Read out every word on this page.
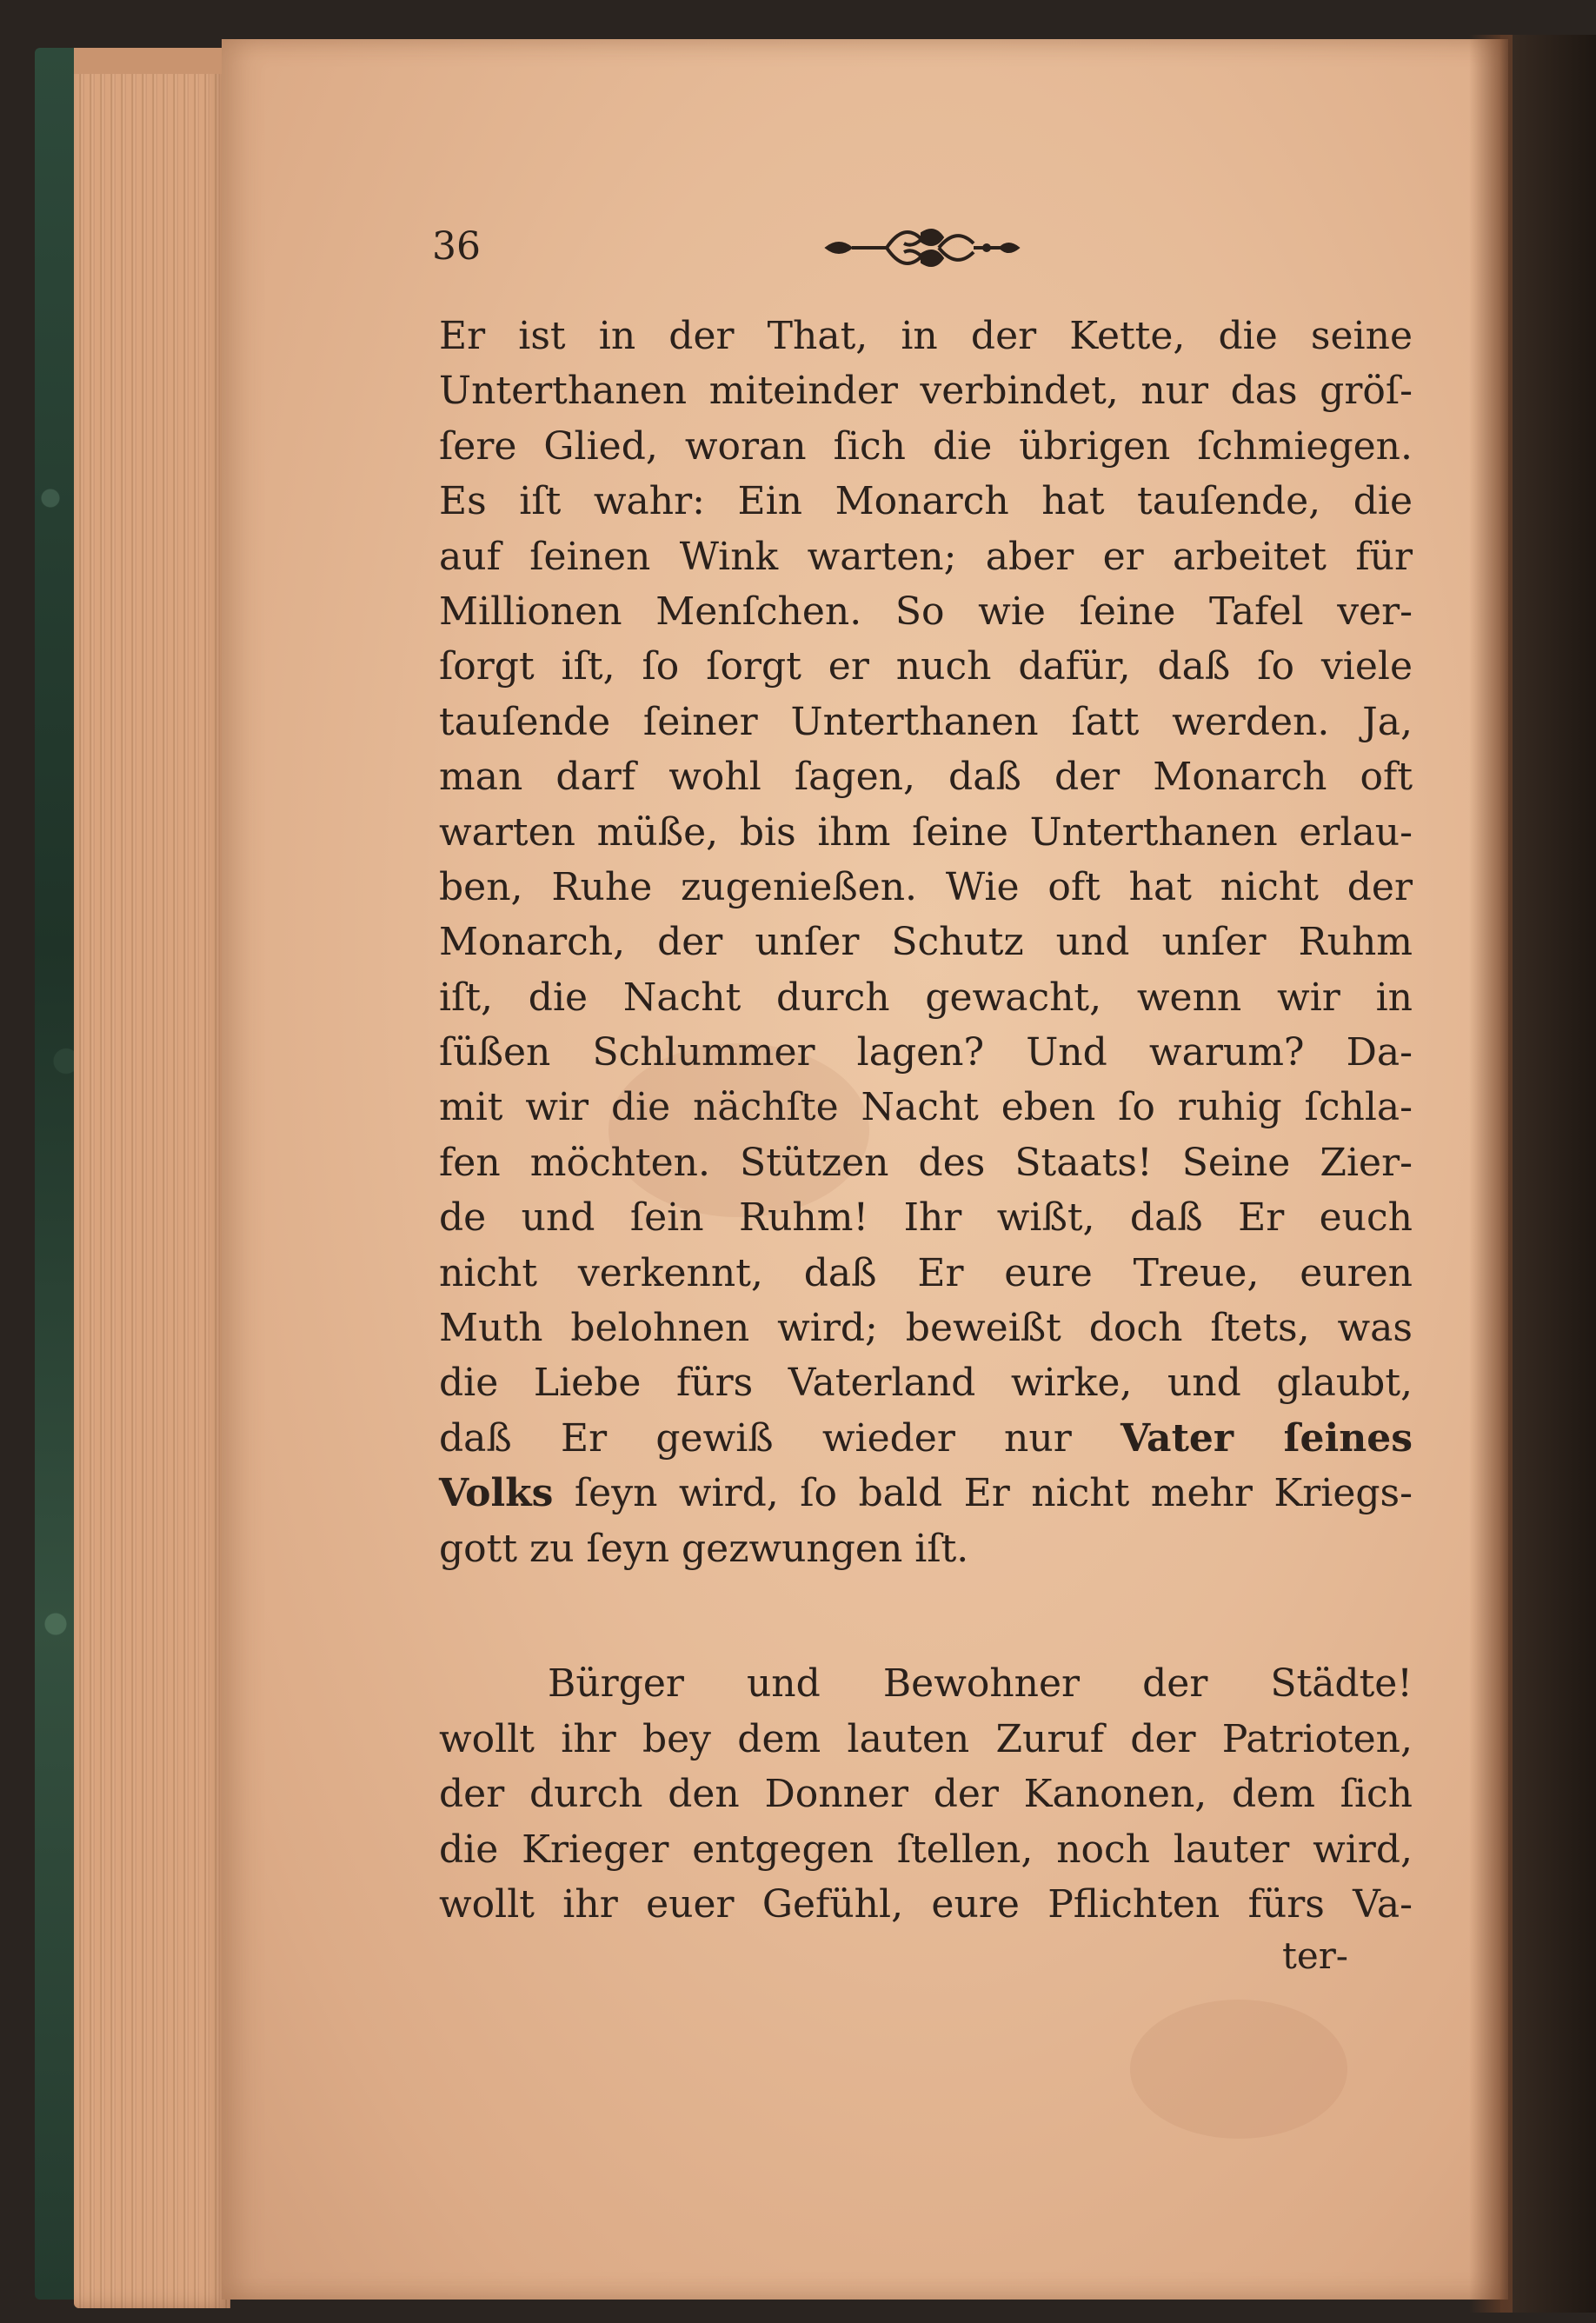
36

Er ist in der That, in der Kette, die seine
Unterthanen miteinder verbindet, nur das gröſ-
ſere Glied, woran ſich die übrigen ſchmiegen.
Es iſt wahr: Ein Monarch hat tauſende, die
auf ſeinen Wink warten; aber er arbeitet für
Millionen Menſchen. So wie ſeine Tafel ver-
ſorgt iſt, ſo ſorgt er nuch dafür, daß ſo viele
tauſende ſeiner Unterthanen ſatt werden. Ja,
man darf wohl ſagen, daß der Monarch oft
warten müße, bis ihm ſeine Unterthanen erlau-
ben, Ruhe zugenießen. Wie oft hat nicht der
Monarch, der unſer Schutz und unſer Ruhm
iſt, die Nacht durch gewacht, wenn wir in
ſüßen Schlummer lagen? Und warum? Da-
mit wir die nächſte Nacht eben ſo ruhig ſchla-
fen möchten. Stützen des Staats! Seine Zier-
de und ſein Ruhm! Ihr wißt, daß Er euch
nicht verkennt, daß Er eure Treue, euren
Muth belohnen wird; beweißt doch ſtets, was
die Liebe fürs Vaterland wirke, und glaubt,
daß Er gewiß wieder nur Vater ſeines
Volks ſeyn wird, ſo bald Er nicht mehr Kriegs-
gott zu ſeyn gezwungen iſt.
Bürger und Bewohner der Städte!
wollt ihr bey dem lauten Zuruf der Patrioten,
der durch den Donner der Kanonen, dem ſich
die Krieger entgegen ſtellen, noch lauter wird,
wollt ihr euer Gefühl, eure Pflichten fürs Va-

ter-
